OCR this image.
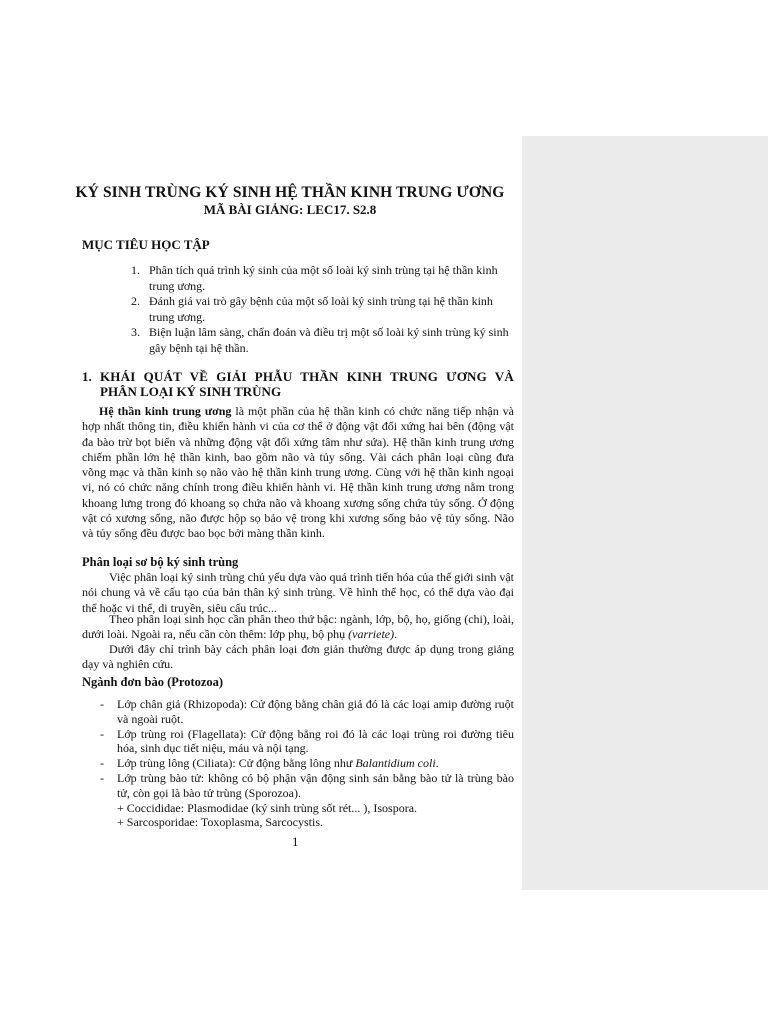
KÝ SINH TRÙNG KÝ SINH HỆ THẦN KINH TRUNG ƯƠNG
MÃ BÀI GIẢNG: LEC17. S2.8
MỤC TIÊU HỌC TẬP
1. Phân tích quá trình ký sinh của một số loài ký sinh trùng tại hệ thần kinh trung ương.
2. Đánh giá vai trò gây bệnh của một số loài ký sinh trùng tại hệ thần kinh trung ương.
3. Biện luận lâm sàng, chẩn đoán và điều trị một số loài ký sinh trùng ký sinh gây bệnh tại hệ thần.
1. KHÁI QUÁT VỀ GIẢI PHẪU THẦN KINH TRUNG ƯƠNG VÀ
PHÂN LOẠI KÝ SINH TRÙNG
Hệ thần kinh trung ương là một phần của hệ thần kinh có chức năng tiếp nhận và hợp nhất thông tin, điều khiển hành vi của cơ thể ở động vật đối xứng hai bên (động vật đa bào trừ bọt biển và những động vật đối xứng tâm như sứa). Hệ thần kinh trung ương chiếm phần lớn hệ thần kinh, bao gồm não và tủy sống. Vài cách phân loại cũng đưa võng mạc và thần kinh sọ não vào hệ thần kinh trung ương. Cùng với hệ thần kinh ngoại vi, nó có chức năng chính trong điều khiển hành vi. Hệ thần kinh trung ương nằm trong khoang lưng trong đó khoang sọ chứa não và khoang xương sống chứa tủy sống. Ở động vật có xương sống, não được hộp sọ bảo vệ trong khi xương sống bảo vệ tủy sống. Não và tủy sống đều được bao bọc bởi màng thần kinh.
Phân loại sơ bộ ký sinh trùng
Việc phân loại ký sinh trùng chủ yếu dựa vào quá trình tiến hóa của thế giới sinh vật nói chung và về cấu tạo của bản thân ký sinh trùng. Về hình thể học, có thể dựa vào đại thể hoặc vi thể, di truyền, siêu cấu trúc...
Theo phân loại sinh học cần phân theo thứ bậc: ngành, lớp, bộ, họ, giống (chi), loài, dưới loài. Ngoài ra, nếu cần còn thêm: lớp phụ, bộ phụ (varriete).
Dưới đây chỉ trình bày cách phân loại đơn giản thường được áp dụng trong giảng dạy và nghiên cứu.
Ngành đơn bào (Protozoa)
- Lớp chân giả (Rhizopoda): Cử động bằng chân giả đó là các loại amip đường ruột và ngoài ruột.
- Lớp trùng roi (Flagellata): Cử động bằng roi đó là các loại trùng roi đường tiêu hóa, sinh dục tiết niệu, máu và nội tạng.
- Lớp trùng lông (Ciliata): Cử động bằng lông như Balantidium coli.
- Lớp trùng bào tử: không có bộ phận vận động sinh sản bằng bào tử là trùng bào tử, còn gọi là bào tử trùng (Sporozoa).
+ Coccididae: Plasmodidae (ký sinh trùng sốt rét... ), Isospora.
+ Sarcosporidae: Toxoplasma, Sarcocystis.
1
